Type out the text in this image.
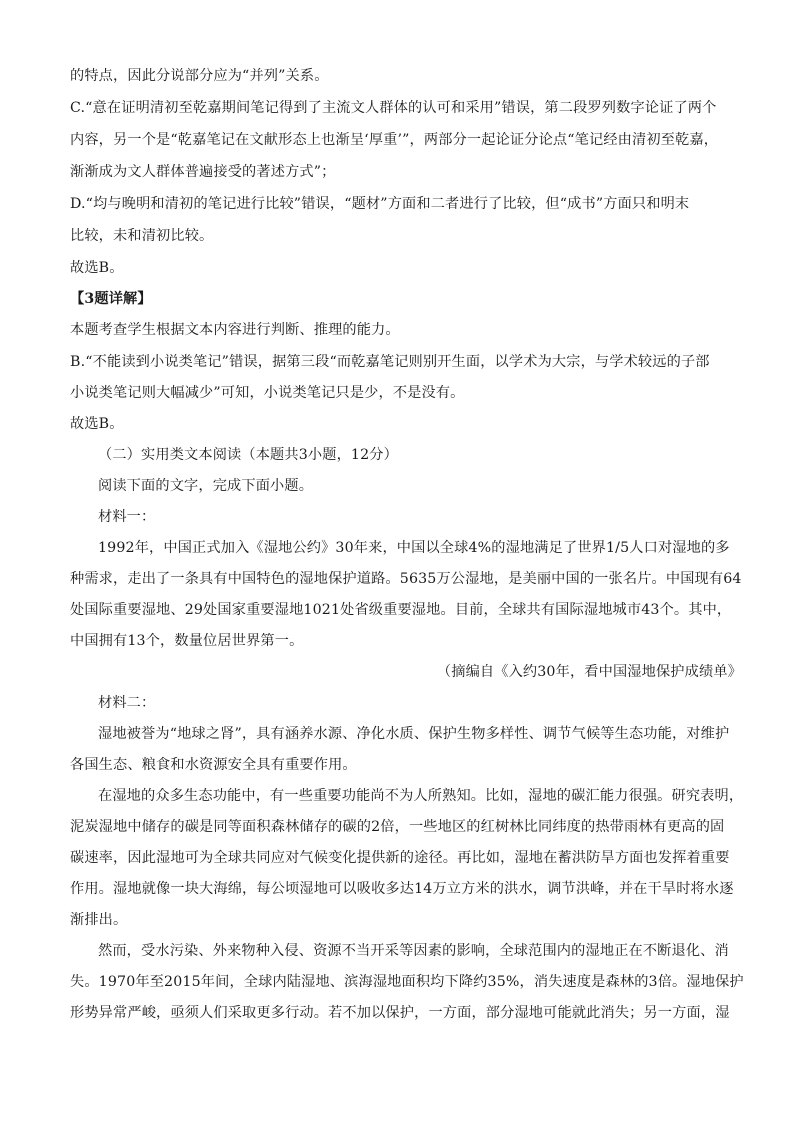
的特点，因此分说部分应为“并列”关系。
C.“意在证明清初至乾嘉期间笔记得到了主流文人群体的认可和采用”错误，第二段罗列数字论证了两个
内容，另一个是“乾嘉笔记在文献形态上也渐呈‘厚重’”，两部分一起论证分论点“笔记经由清初至乾嘉，
渐渐成为文人群体普遍接受的著述方式”；
D.“均与晚明和清初的笔记进行比较”错误，“题材”方面和二者进行了比较，但“成书”方面只和明末
比较，未和清初比较。
故选B。
【3题详解】
本题考查学生根据文本内容进行判断、推理的能力。
B.“不能读到小说类笔记”错误，据第三段“而乾嘉笔记则别开生面，以学术为大宗，与学术较远的子部
小说类笔记则大幅减少”可知，小说类笔记只是少，不是没有。
故选B。
（二）实用类文本阅读（本题共3小题，12分）
阅读下面的文字，完成下面小题。
材料一：
1992年，中国正式加入《湿地公约》30年来，中国以全球4%的湿地满足了世界1/5人口对湿地的多
种需求，走出了一条具有中国特色的湿地保护道路。5635万公湿地，是美丽中国的一张名片。中国现有64
处国际重要湿地、29处国家重要湿地1021处省级重要湿地。目前，全球共有国际湿地城市43个。其中，
中国拥有13个，数量位居世界第一。
（摘编自《入约30年，看中国湿地保护成绩单》
材料二：
湿地被誉为“地球之肾”，具有涵养水源、净化水质、保护生物多样性、调节气候等生态功能，对维护
各国生态、粮食和水资源安全具有重要作用。
在湿地的众多生态功能中，有一些重要功能尚不为人所熟知。比如，湿地的碳汇能力很强。研究表明，
泥炭湿地中储存的碳是同等面积森林储存的碳的2倍，一些地区的红树林比同纬度的热带雨林有更高的固
碳速率，因此湿地可为全球共同应对气候变化提供新的途径。再比如，湿地在蓄洪防旱方面也发挥着重要
作用。湿地就像一块大海绵，每公顷湿地可以吸收多达14万立方米的洪水，调节洪峰，并在干旱时将水逐
渐排出。
然而，受水污染、外来物种入侵、资源不当开采等因素的影响，全球范围内的湿地正在不断退化、消
失。1970年至2015年间，全球内陆湿地、滨海湿地面积均下降约35%，消失速度是森林的3倍。湿地保护
形势异常严峻，亟须人们采取更多行动。若不加以保护，一方面，部分湿地可能就此消失；另一方面，湿
